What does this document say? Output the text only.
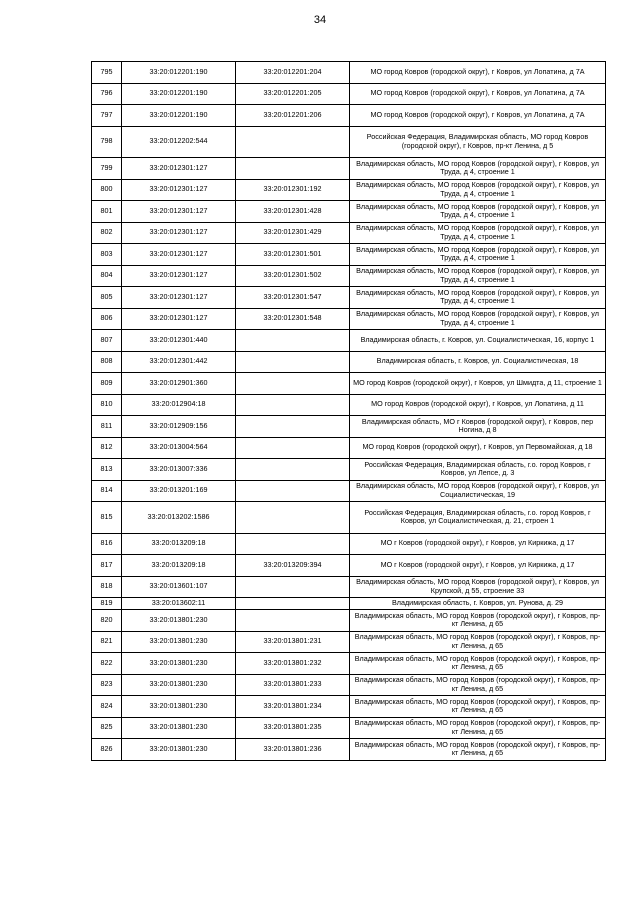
34
795	33:20:012201:190	33:20:012201:204	МО город Ковров (городской округ), г Ковров, ул Лопатина, д 7А
796	33:20:012201:190	33:20:012201:205	МО город Ковров (городской округ), г Ковров, ул Лопатина, д 7А
797	33:20:012201:190	33:20:012201:206	МО город Ковров (городской округ), г Ковров, ул Лопатина, д 7А
798	33:20:012202:544		Российская Федерация, Владимирская область, МО город Ковров (городской округ), г Ковров, пр-кт Ленина, д 5
799	33:20:012301:127		Владимирская область, МО город Ковров (городской округ), г Ковров, ул Труда, д 4, строение 1
800	33:20:012301:127	33:20:012301:192	Владимирская область, МО город Ковров (городской округ), г Ковров, ул Труда, д 4, строение 1
801	33:20:012301:127	33:20:012301:428	Владимирская область, МО город Ковров (городской округ), г Ковров, ул Труда, д 4, строение 1
802	33:20:012301:127	33:20:012301:429	Владимирская область, МО город Ковров (городской округ), г Ковров, ул Труда, д 4, строение 1
803	33:20:012301:127	33:20:012301:501	Владимирская область, МО город Ковров (городской округ), г Ковров, ул Труда, д 4, строение 1
804	33:20:012301:127	33:20:012301:502	Владимирская область, МО город Ковров (городской округ), г Ковров, ул Труда, д 4, строение 1
805	33:20:012301:127	33:20:012301:547	Владимирская область, МО город Ковров (городской округ), г Ковров, ул Труда, д 4, строение 1
806	33:20:012301:127	33:20:012301:548	Владимирская область, МО город Ковров (городской округ), г Ковров, ул Труда, д 4, строение 1
807	33:20:012301:440		Владимирская область, г. Ковров, ул. Социалистическая, 16, корпус 1
808	33:20:012301:442		Владимирская область, г. Ковров, ул. Социалистическая, 18
809	33:20:012901:360		МО город Ковров (городской округ), г Ковров, ул Шмидта, д 11, строение 1
810	33:20:012904:18		МО город Ковров (городской округ), г Ковров, ул Лопатина, д 11
811	33:20:012909:156		Владимирская область, МО г Ковров (городской округ), г Ковров, пер Ногина, д 8
812	33:20:013004:564		МО город Ковров (городской округ), г Ковров, ул Первомайская, д 18
813	33:20:013007:336		Российская Федерация, Владимирская область, г.о. город Ковров, г Ковров, ул Лепсе, д. 3
814	33:20:013201:169		Владимирская область, МО город Ковров (городской округ), г Ковров, ул Социалистическая, 19
815	33:20:013202:1586		Российская Федерация, Владимирская область, г.о. город Ковров, г Ковров, ул Социалистическая, д. 21, строен 1
816	33:20:013209:18		МО г Ковров (городской округ), г Ковров, ул Киркижа, д 17
817	33:20:013209:18	33:20:013209:394	МО г Ковров (городской округ), г Ковров, ул Киркижа, д 17
818	33:20:013601:107		Владимирская область, МО город Ковров (городской округ), г Ковров, ул Крупской, д 55, строение 33
819	33:20:013602:11		Владимирская область, г. Ковров, ул. Рунова, д. 29
820	33:20:013801:230		Владимирская область, МО город Ковров (городской округ), г Ковров, пр-кт Ленина, д 65
821	33:20:013801:230	33:20:013801:231	Владимирская область, МО город Ковров (городской округ), г Ковров, пр-кт Ленина, д 65
822	33:20:013801:230	33:20:013801:232	Владимирская область, МО город Ковров (городской округ), г Ковров, пр-кт Ленина, д 65
823	33:20:013801:230	33:20:013801:233	Владимирская область, МО город Ковров (городской округ), г Ковров, пр-кт Ленина, д 65
824	33:20:013801:230	33:20:013801:234	Владимирская область, МО город Ковров (городской округ), г Ковров, пр-кт Ленина, д 65
825	33:20:013801:230	33:20:013801:235	Владимирская область, МО город Ковров (городской округ), г Ковров, пр-кт Ленина, д 65
826	33:20:013801:230	33:20:013801:236	Владимирская область, МО город Ковров (городской округ), г Ковров, пр-кт Ленина, д 65
